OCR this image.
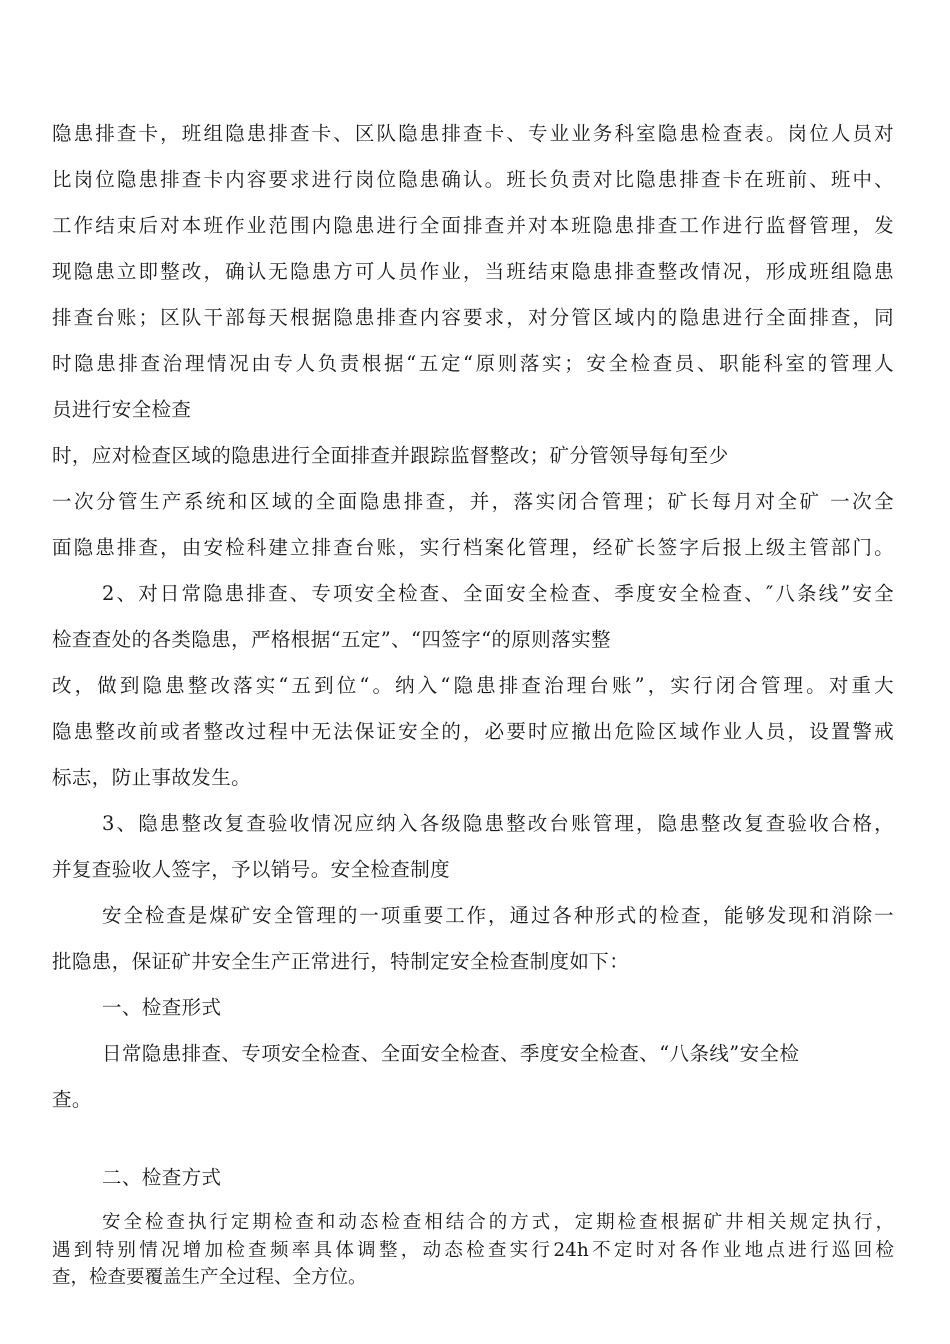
隐患排查卡，班组隐患排查卡、区队隐患排查卡、专业业务科室隐患检查表。岗位人员对
比岗位隐患排查卡内容要求进行岗位隐患确认。班长负责对比隐患排查卡在班前、班中、
工作结束后对本班作业范围内隐患进行全面排查并对本班隐患排查工作进行监督管理，发
现隐患立即整改，确认无隐患方可人员作业，当班结束隐患排查整改情况，形成班组隐患
排查台账；区队干部每天根据隐患排查内容要求，对分管区域内的隐患进行全面排查，同
时隐患排查治理情况由专人负责根据“五定“原则落实；安全检查员、职能科室的管理人
员进行安全检查
时，应对检查区域的隐患进行全面排查并跟踪监督整改；矿分管领导每旬至少
一次分管生产系统和区域的全面隐患排查，并，落实闭合管理；矿长每月对全矿 一次全
面隐患排查，由安检科建立排查台账，实行档案化管理，经矿长签字后报上级主管部门。
2、对日常隐患排查、专项安全检查、全面安全检查、季度安全检查、″八条线”安全
检查查处的各类隐患，严格根据“五定”、“四签字“的原则落实整
改，做到隐患整改落实“五到位“。纳入“隐患排查治理台账”，实行闭合管理。对重大
隐患整改前或者整改过程中无法保证安全的，必要时应撤出危险区域作业人员，设置警戒
标志，防止事故发生。
3、隐患整改复查验收情况应纳入各级隐患整改台账管理，隐患整改复查验收合格，
并复查验收人签字，予以销号。安全检查制度
安全检查是煤矿安全管理的一项重要工作，通过各种形式的检查，能够发现和消除一
批隐患，保证矿井安全生产正常进行，特制定安全检查制度如下：
一、检查形式
日常隐患排查、专项安全检查、全面安全检查、季度安全检查、“八条线”安全检
查。
二、检查方式
安全检查执行定期检查和动态检查相结合的方式，定期检查根据矿井相关规定执行，
遇到特别情况增加检查频率具体调整，动态检查实行24h不定时对各作业地点进行巡回检
查，检查要覆盖生产全过程、全方位。
